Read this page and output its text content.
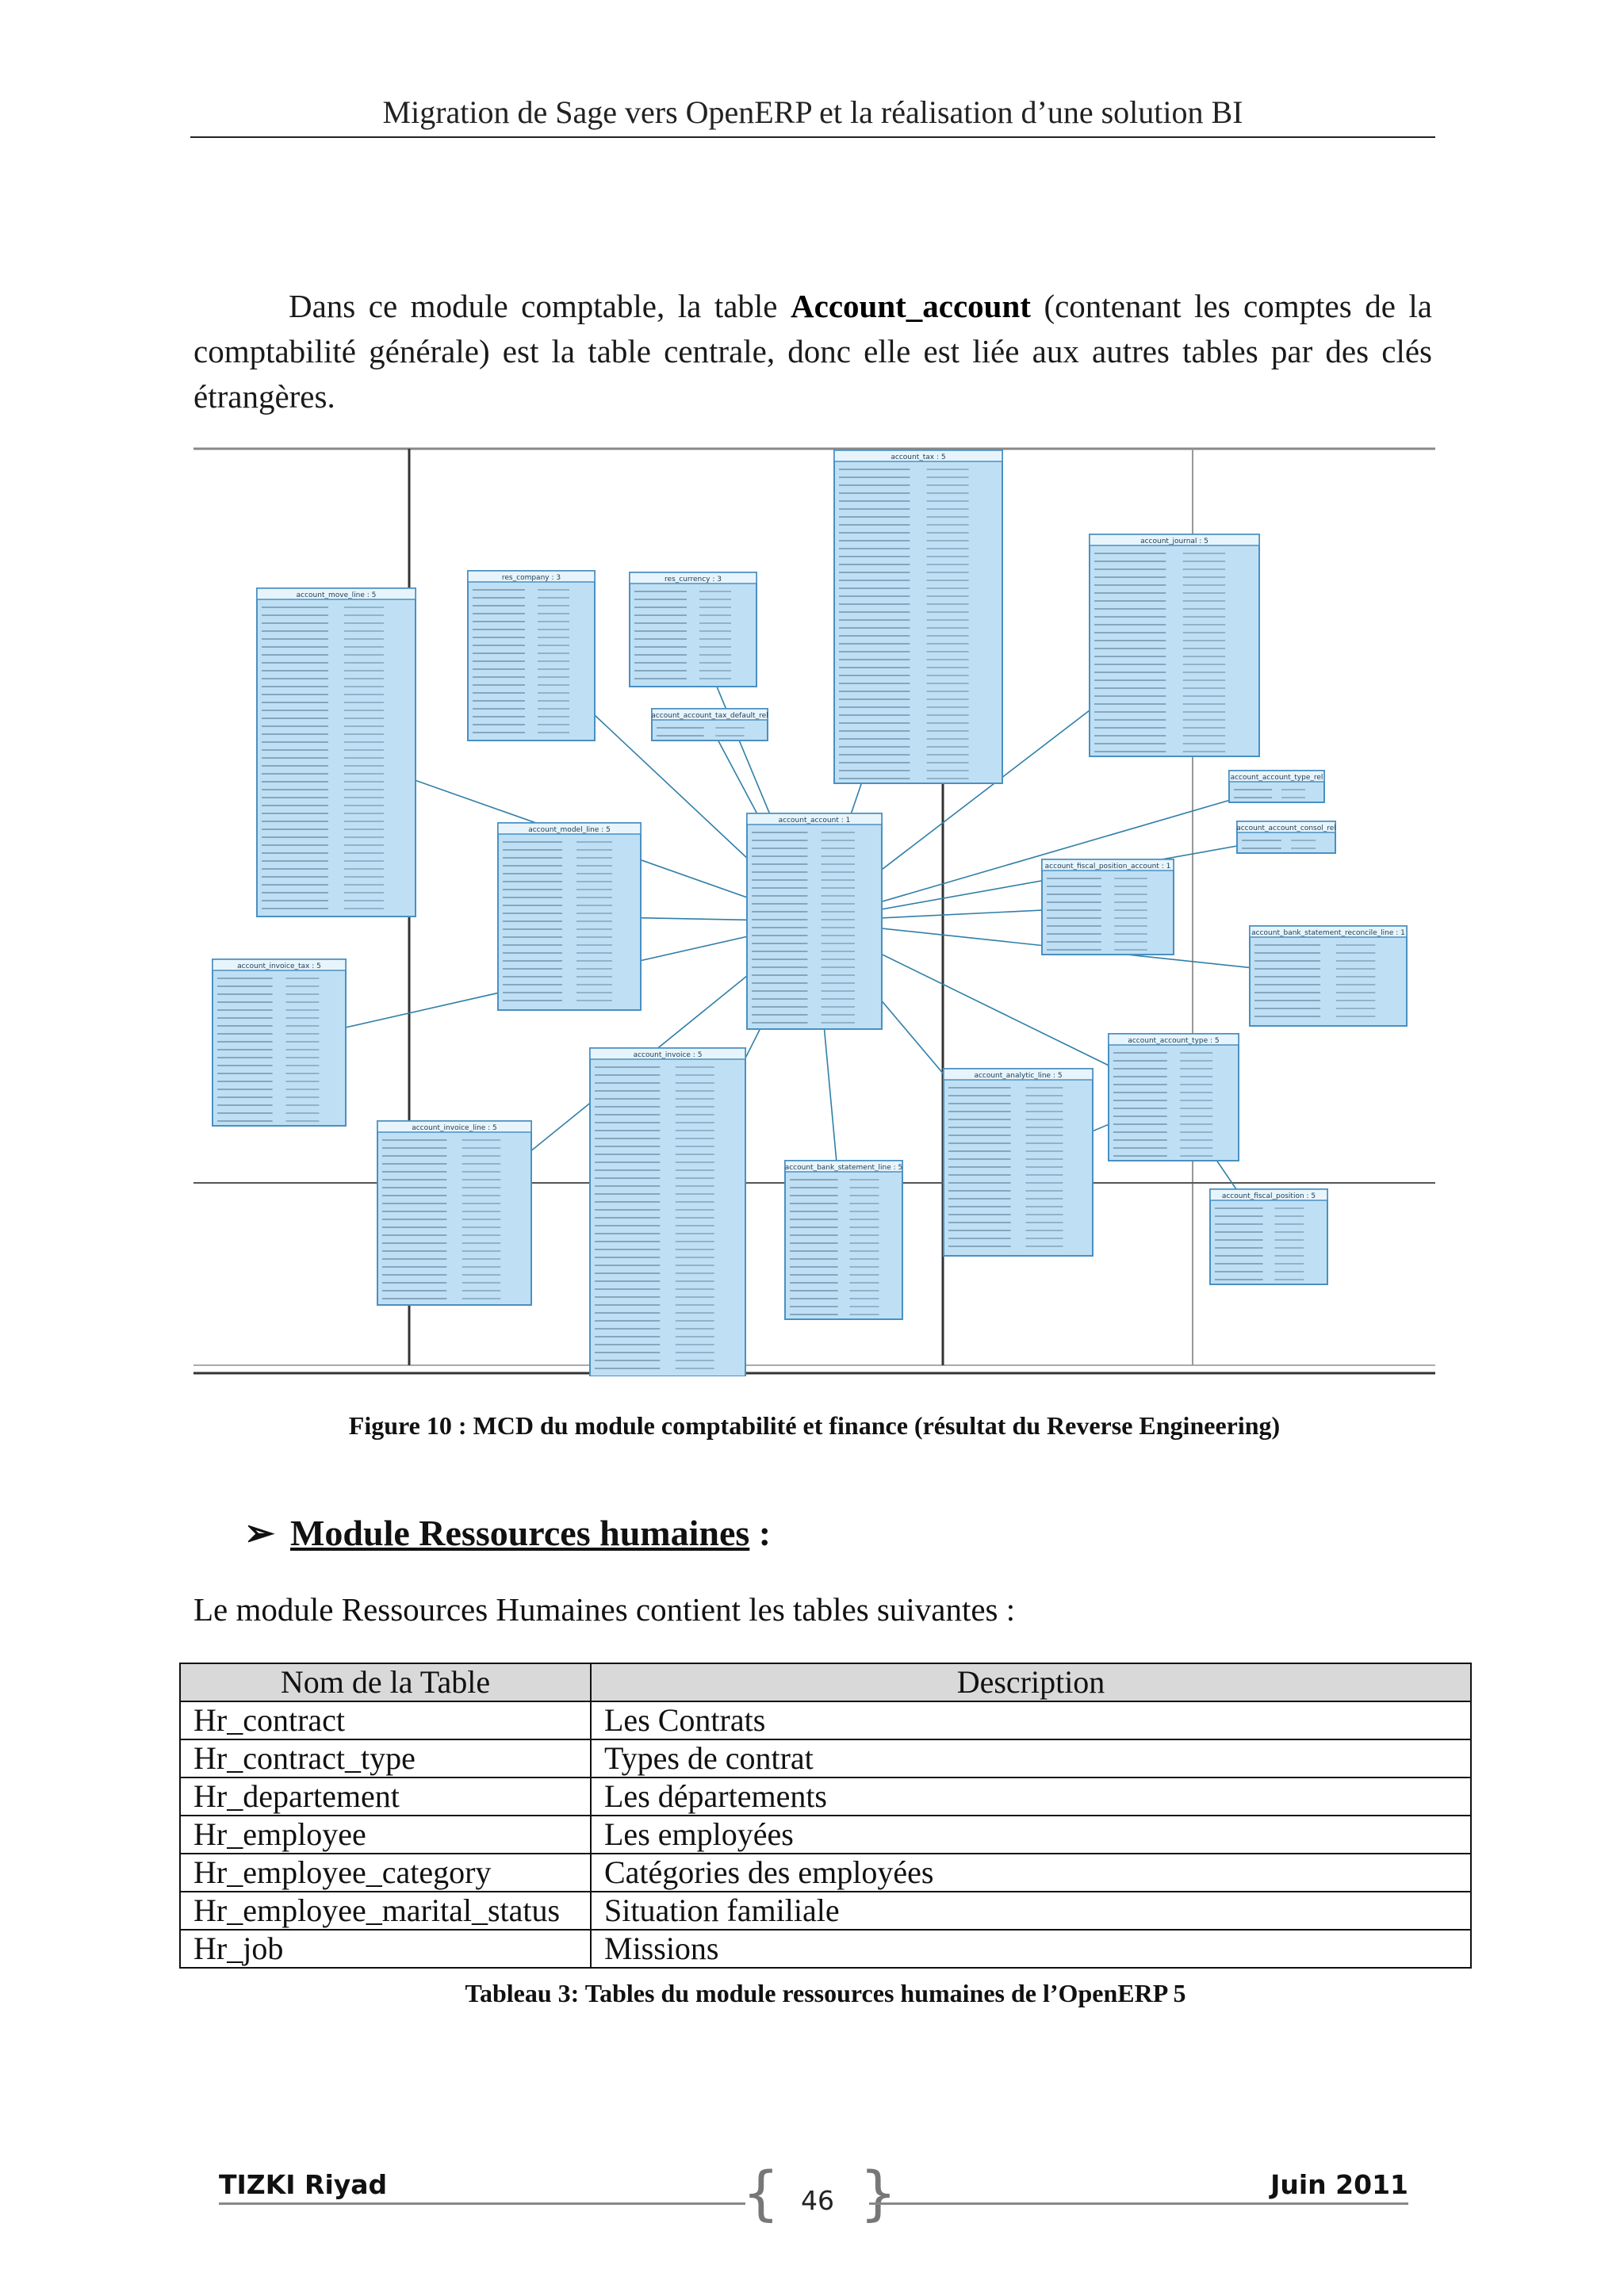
Migration de Sage vers OpenERP et la réalisation d’une solution BI
Dans ce module comptable, la table Account_account (contenant les comptes de la comptabilité générale) est la table centrale, donc elle est liée aux autres tables par des clés étrangères.
account_move_line : 5
res_company : 3	res_currency : 3
account_tax : 5
account_journal : 5
account_account_tax_default_rel
account_account_type_rel
account_account_consol_rel
account_model_line : 5
account_account : 1
account_fiscal_position_account : 1
account_bank_statement_reconcile_line : 1
account_invoice_tax : 5
account_invoice_line : 5
account_invoice : 5
account_bank_statement_line : 5
account_analytic_line : 5
account_account_type : 5
account_fiscal_position : 5
Figure 10 : MCD du module comptabilité et finance (résultat du Reverse Engineering)
➢ Module Ressources humaines :
Le module Ressources Humaines contient les tables suivantes :
Nom de la Table	Description
Hr_contract	Les Contrats
Hr_contract_type	Types de contrat
Hr_departement	Les départements
Hr_employee	Les employées
Hr_employee_category	Catégories des employées
Hr_employee_marital_status	Situation familiale
Hr_job	Missions
Tableau 3: Tables du module ressources humaines de l’OpenERP 5
TIZKI Riyad	{ 46 }	Juin 2011
